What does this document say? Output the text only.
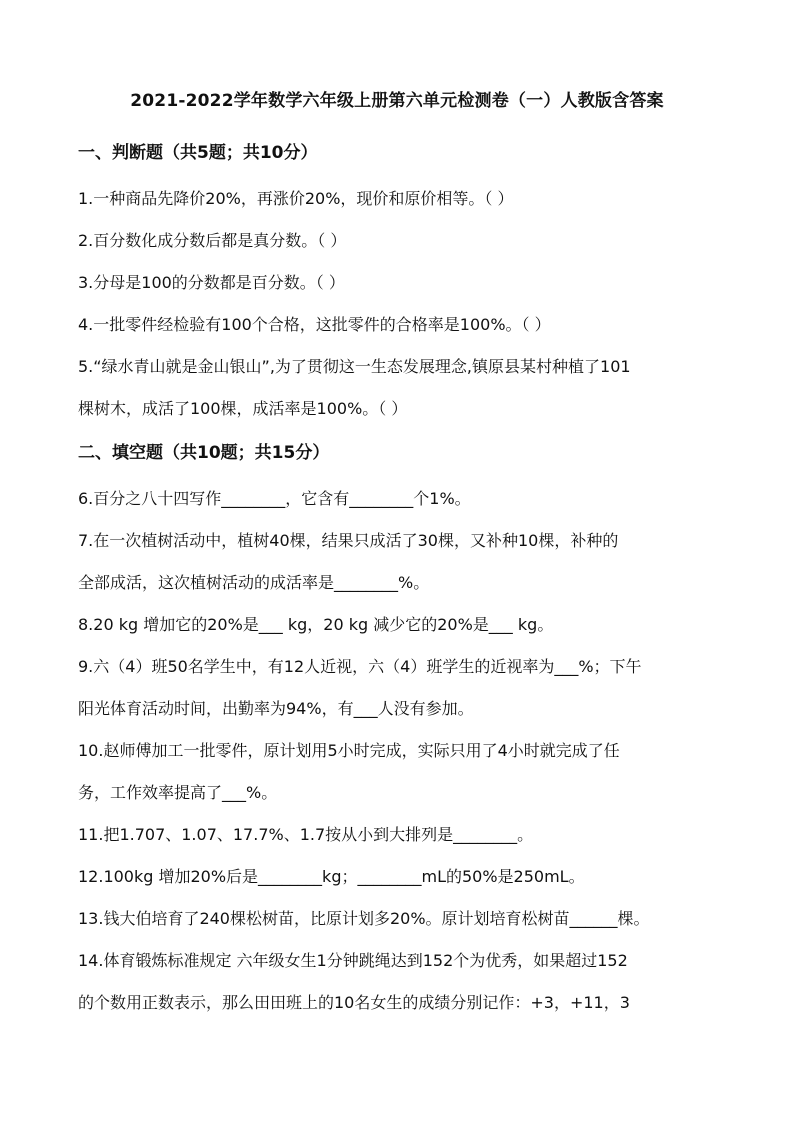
2021-2022学年数学六年级上册第六单元检测卷（一）人教版含答案
一、判断题（共5题；共10分）
1.一种商品先降价20%，再涨价20%，现价和原价相等。（ ）
2.百分数化成分数后都是真分数。（ ）
3.分母是100的分数都是百分数。（ ）
4.一批零件经检验有100个合格，这批零件的合格率是100%。（ ）
5.“绿水青山就是金山银山”,为了贯彻这一生态发展理念,镇原县某村种植了101
棵树木，成活了100棵，成活率是100%。（ ）
二、填空题（共10题；共15分）
6.百分之八十四写作________，它含有________个1%。
7.在一次植树活动中，植树40棵，结果只成活了30棵，又补种10棵，补种的
全部成活，这次植树活动的成活率是________%。
8.20 kg 增加它的20%是___ kg，20 kg 减少它的20%是___ kg。
9.六（4）班50名学生中，有12人近视，六（4）班学生的近视率为___%；下午
阳光体育活动时间，出勤率为94%，有___人没有参加。
10.赵师傅加工一批零件，原计划用5小时完成，实际只用了4小时就完成了任
务，工作效率提高了___%。
11.把1.707、1.07、17.7%、1.7按从小到大排列是________。
12.100kg 增加20%后是________kg；________mL的50%是250mL。
13.钱大伯培育了240棵松树苗，比原计划多20%。原计划培育松树苗______棵。
14.体育锻炼标准规定 六年级女生1分钟跳绳达到152个为优秀，如果超过152
的个数用正数表示，那么田田班上的10名女生的成绩分别记作：+3，+11，3
